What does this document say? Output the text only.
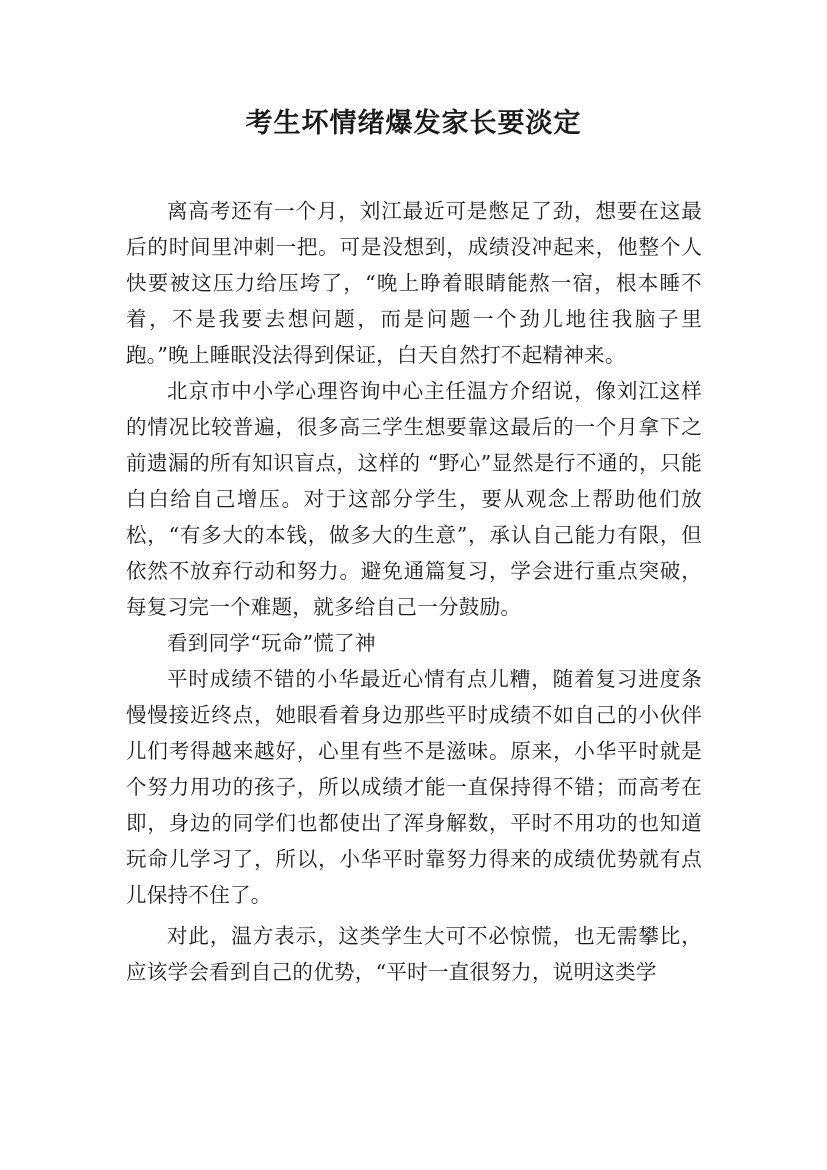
考生坏情绪爆发家长要淡定

离高考还有一个月，刘江最近可是憋足了劲，想要在这最后的时间里冲刺一把。可是没想到，成绩没冲起来，他整个人快要被这压力给压垮了，“晚上睁着眼睛能熬一宿，根本睡不着，不是我要去想问题，而是问题一个劲儿地往我脑子里跑。”晚上睡眠没法得到保证，白天自然打不起精神来。

北京市中小学心理咨询中心主任温方介绍说，像刘江这样的情况比较普遍，很多高三学生想要靠这最后的一个月拿下之前遗漏的所有知识盲点，这样的 “野心”显然是行不通的，只能白白给自己增压。对于这部分学生，要从观念上帮助他们放松，“有多大的本钱，做多大的生意”，承认自己能力有限，但依然不放弃行动和努力。避免通篇复习，学会进行重点突破，每复习完一个难题，就多给自己一分鼓励。

看到同学“玩命”慌了神

平时成绩不错的小华最近心情有点儿糟，随着复习进度条慢慢接近终点，她眼看着身边那些平时成绩不如自己的小伙伴儿们考得越来越好，心里有些不是滋味。原来，小华平时就是个努力用功的孩子，所以成绩才能一直保持得不错；而高考在即，身边的同学们也都使出了浑身解数，平时不用功的也知道玩命儿学习了，所以，小华平时靠努力得来的成绩优势就有点儿保持不住了。

对此，温方表示，这类学生大可不必惊慌，也无需攀比，应该学会看到自己的优势，“平时一直很努力，说明这类学
